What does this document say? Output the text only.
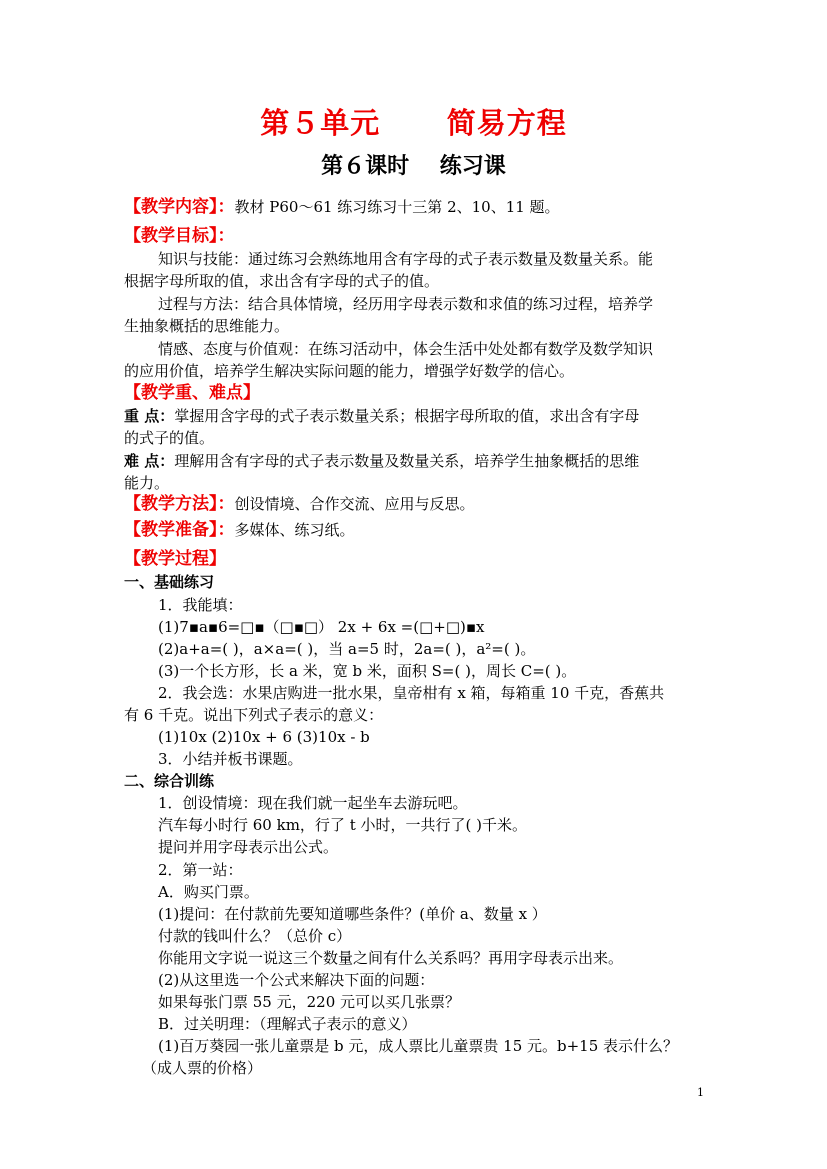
第５单元      简易方程
第６课时    练习课
【教学内容】：教材 P60～61 练习练习十三第 2、10、11 题。
【教学目标】：
知识与技能：通过练习会熟练地用含有字母的式子表示数量及数量关系。能
根据字母所取的值，求出含有字母的式子的值。
过程与方法：结合具体情境，经历用字母表示数和求值的练习过程，培养学
生抽象概括的思维能力。
情感、态度与价值观：在练习活动中，体会生活中处处都有数学及数学知识
的应用价值，培养学生解决实际问题的能力，增强学好数学的信心。
【教学重、难点】
重 点：掌握用含字母的式子表示数量关系；根据字母所取的值，求出含有字母
的式子的值。
难 点：理解用含有字母的式子表示数量及数量关系，培养学生抽象概括的思维
能力。
【教学方法】：创设情境、合作交流、应用与反思。
【教学准备】：多媒体、练习纸。
【教学过程】
一、基础练习
1．我能填：
(1)7▪a▪6=□▪（□▪□） 2x + 6x =(□+□)▪x
(2)a+a=( )，a×a=( )，当 a=5 时，2a=( )，a²=( )。
(3)一个长方形，长 a 米，宽 b 米，面积 S=( )，周长 C=( )。
2．我会选：水果店购进一批水果，皇帝柑有 x 箱，每箱重 10 千克，香蕉共
有 6 千克。说出下列式子表示的意义：
(1)10x (2)10x + 6 (3)10x - b
3．小结并板书课题。
二、综合训练
1．创设情境：现在我们就一起坐车去游玩吧。
汽车每小时行 60 km，行了 t 小时，一共行了( )千米。
提问并用字母表示出公式。
2．第一站：
A．购买门票。
(1)提问：在付款前先要知道哪些条件？(单价 a、数量 x ）
付款的钱叫什么？（总价 c）
你能用文字说一说这三个数量之间有什么关系吗？再用字母表示出来。
(2)从这里选一个公式来解决下面的问题：
如果每张门票 55 元，220 元可以买几张票？
B．过关明理：（理解式子表示的意义）
(1)百万葵园一张儿童票是 b 元，成人票比儿童票贵 15 元。b+15 表示什么？
（成人票的价格）
1
